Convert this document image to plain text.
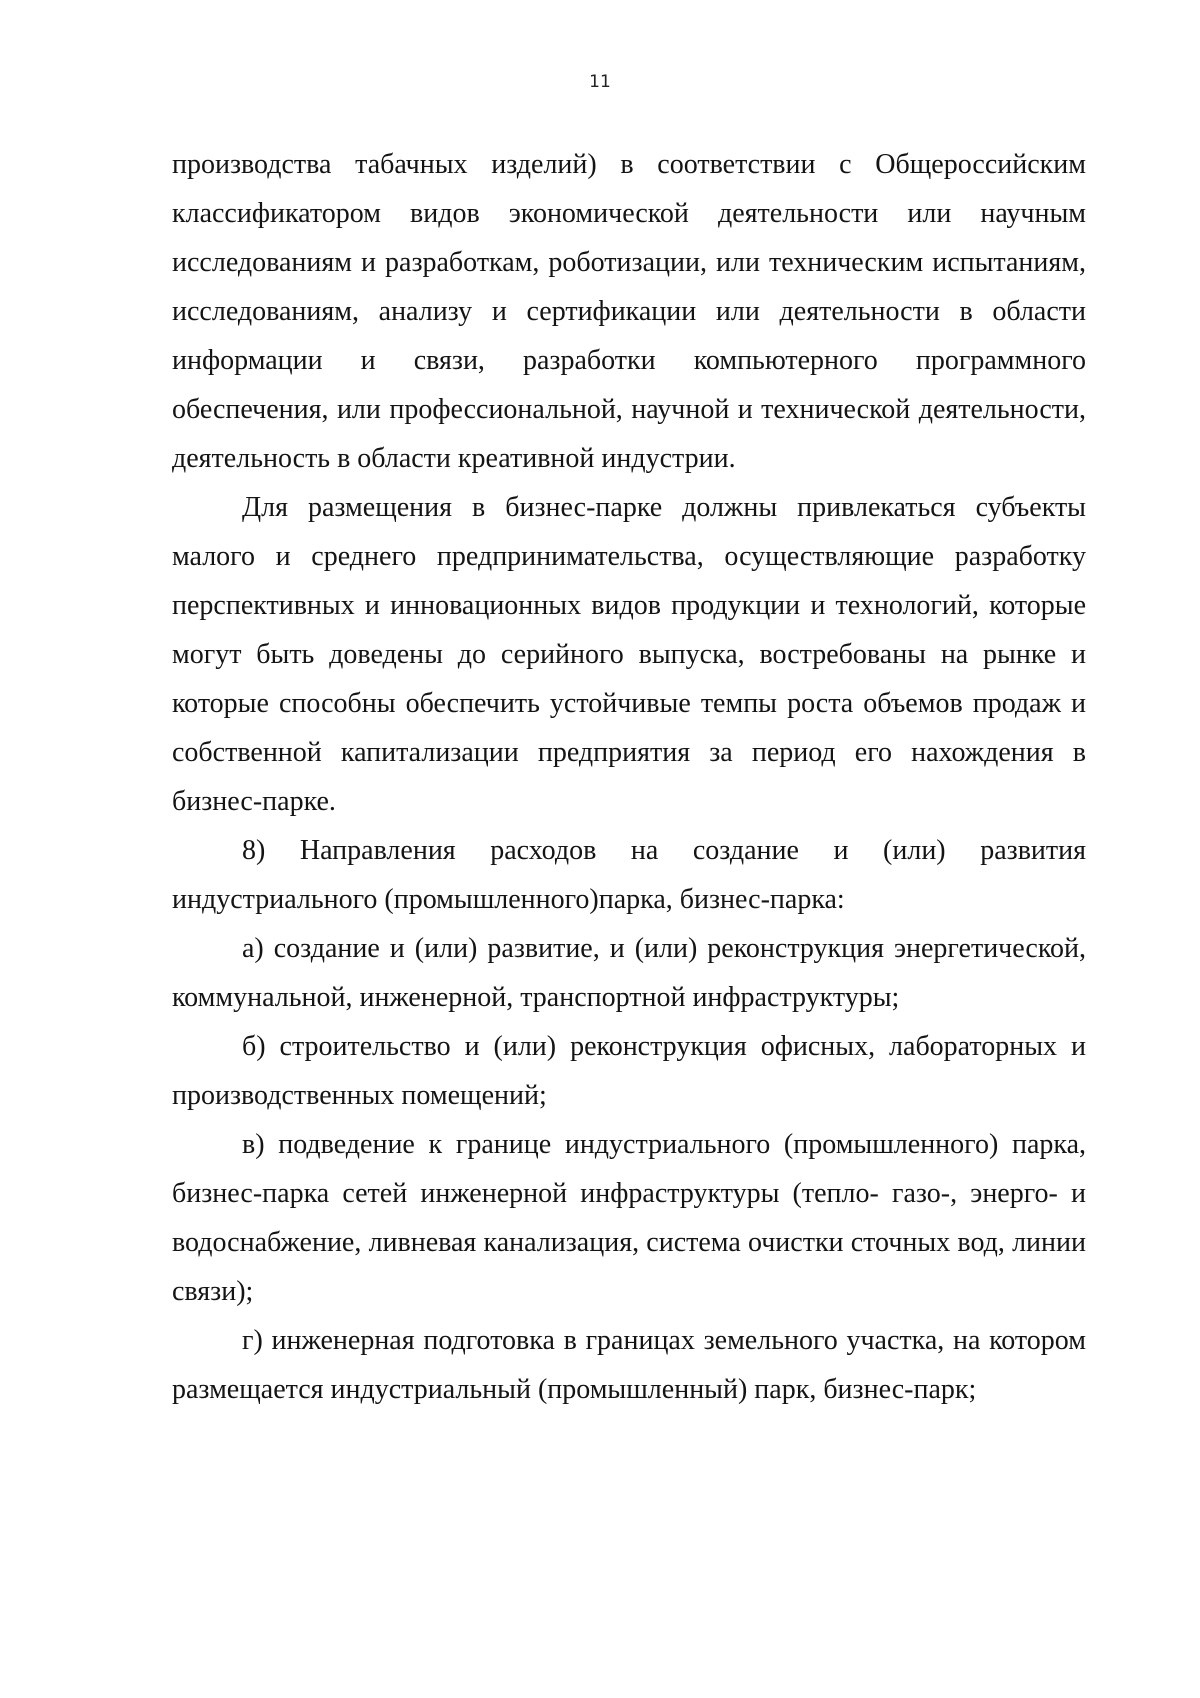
11

производства табачных изделий) в соответствии с Общероссийским классификатором видов экономической деятельности или научным исследованиям и разработкам, роботизации, или техническим испытаниям, исследованиям, анализу и сертификации или деятельности в области информации и связи, разработки компьютерного программного обеспечения, или профессиональной, научной и технической деятельности, деятельность в области креативной индустрии.

Для размещения в бизнес-парке должны привлекаться субъекты малого и среднего предпринимательства, осуществляющие разработку перспективных и инновационных видов продукции и технологий, которые могут быть доведены до серийного выпуска, востребованы на рынке и которые способны обеспечить устойчивые темпы роста объемов продаж и собственной капитализации предприятия за период его нахождения в бизнес-парке.

8) Направления расходов на создание и (или) развития индустриального (промышленного)парка, бизнес-парка:

а) создание и (или) развитие, и (или) реконструкция энергетической, коммунальной, инженерной, транспортной инфраструктуры;

б) строительство и (или) реконструкция офисных, лабораторных и производственных помещений;

в) подведение к границе индустриального (промышленного) парка, бизнес-парка сетей инженерной инфраструктуры (тепло- газо-, энерго- и водоснабжение, ливневая канализация, система очистки сточных вод, линии связи);

г) инженерная подготовка в границах земельного участка, на котором размещается индустриальный (промышленный) парк, бизнес-парк;
